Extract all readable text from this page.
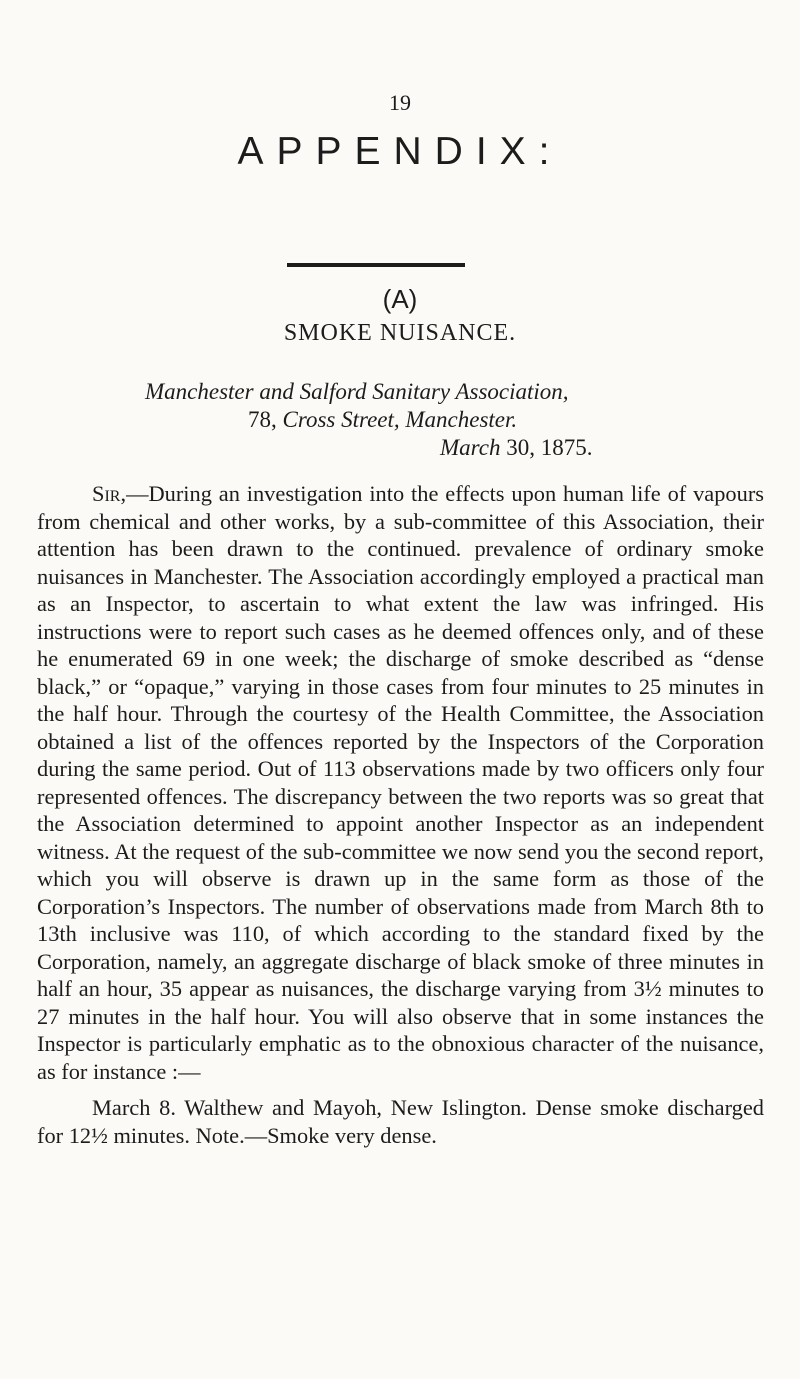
19
APPENDIX:
(A)
SMOKE NUISANCE.
Manchester and Salford Sanitary Association,
78, Cross Street, Manchester.
March 30, 1875.

Sir,—During an investigation into the effects upon human life of vapours from chemical and other works, by a sub-committee of this Association, their attention has been drawn to the continued. prevalence of ordinary smoke nuisances in Manchester. The Association accordingly employed a practical man as an Inspector, to ascertain to what extent the law was infringed. His instructions were to report such cases as he deemed offences only, and of these he enumerated 69 in one week; the discharge of smoke described as “dense black,” or “opaque,” varying in those cases from four minutes to 25 minutes in the half hour. Through the courtesy of the Health Committee, the Association obtained a list of the offences reported by the Inspectors of the Corporation during the same period. Out of 113 observations made by two officers only four represented offences. The discrepancy between the two reports was so great that the Association determined to appoint another Inspector as an independent witness. At the request of the sub-committee we now send you the second report, which you will observe is drawn up in the same form as those of the Corporation’s Inspectors. The number of observations made from March 8th to 13th inclusive was 110, of which according to the standard fixed by the Corporation, namely, an aggregate discharge of black smoke of three minutes in half an hour, 35 appear as nuisances, the discharge varying from 3½ minutes to 27 minutes in the half hour. You will also observe that in some instances the Inspector is particularly emphatic as to the obnoxious character of the nuisance, as for instance :—

March 8. Walthew and Mayoh, New Islington. Dense smoke discharged for 12½ minutes. Note.—Smoke very dense.
